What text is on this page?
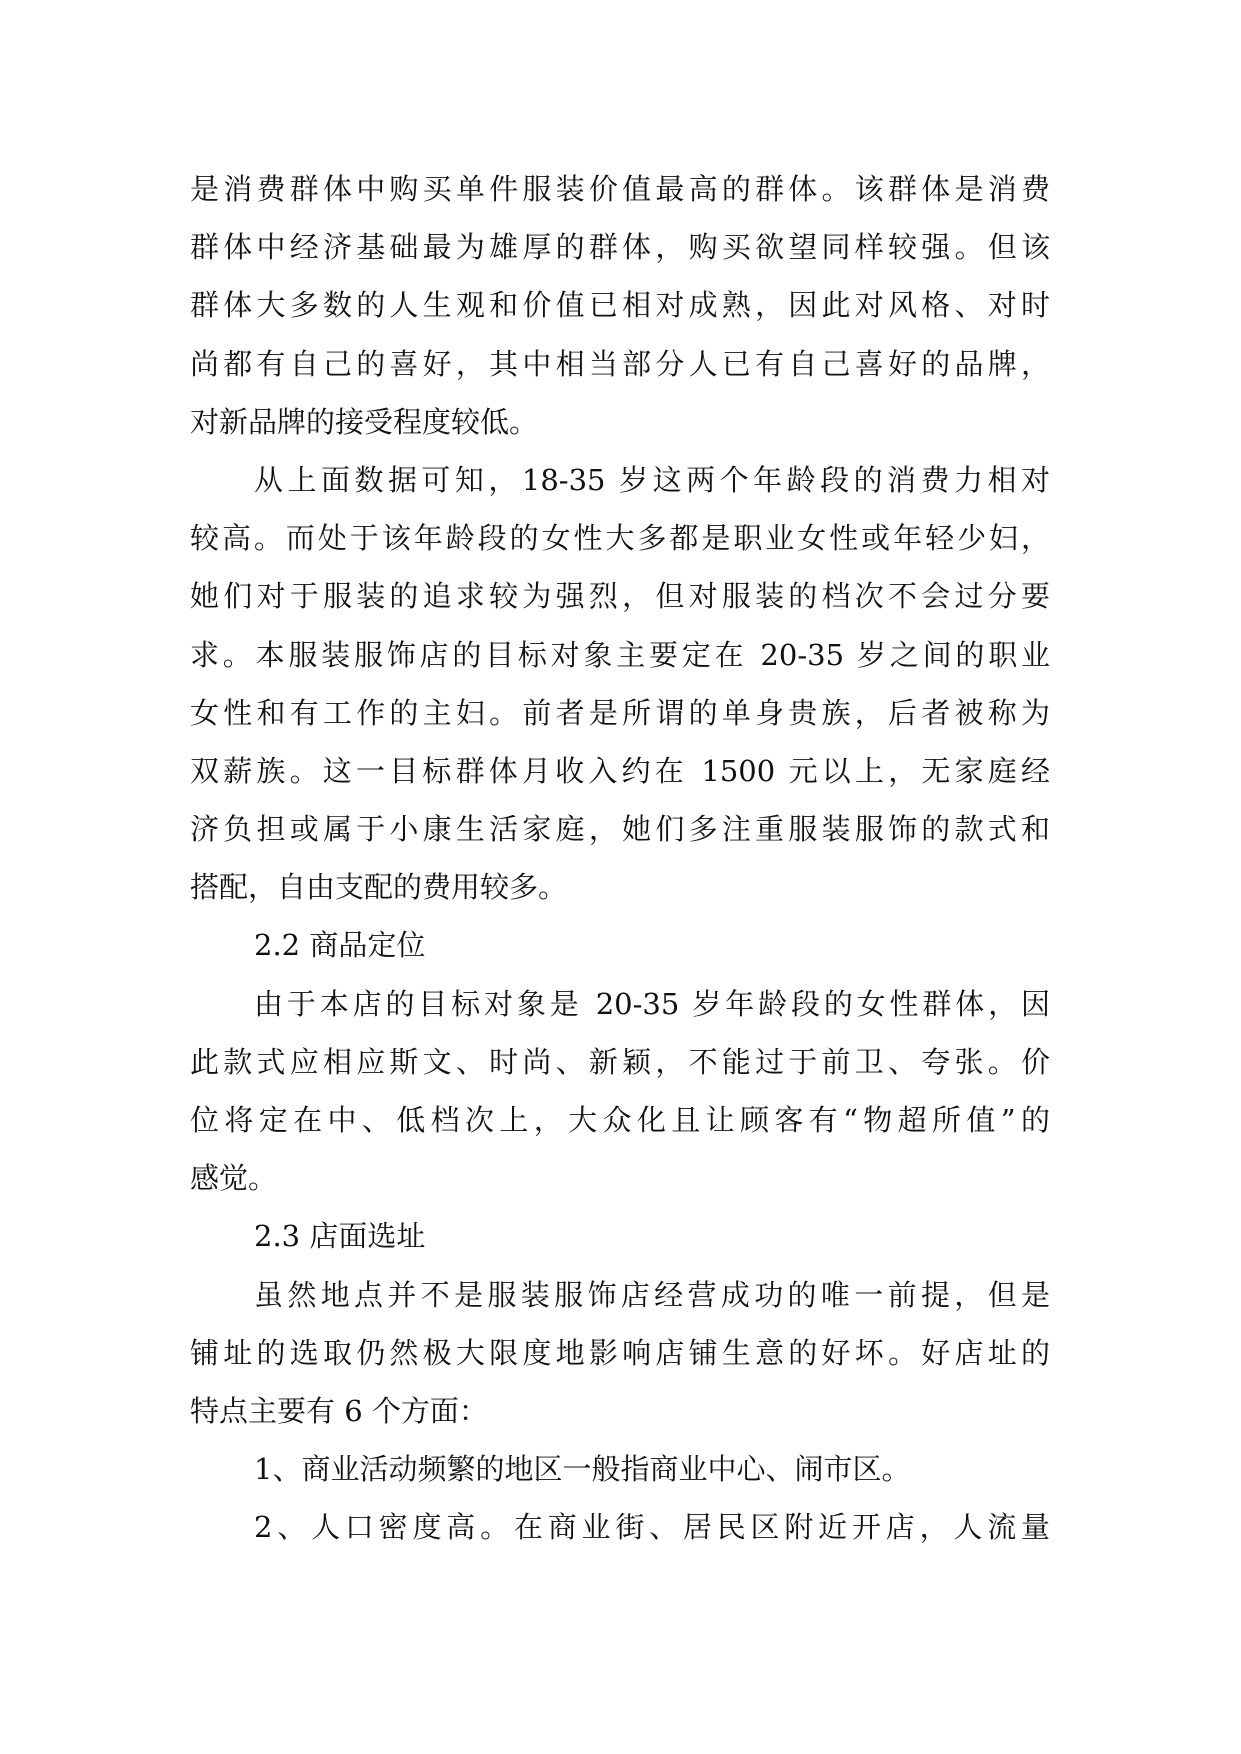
是消费群体中购买单件服装价值最高的群体。该群体是消费
群体中经济基础最为雄厚的群体，购买欲望同样较强。但该
群体大多数的人生观和价值已相对成熟，因此对风格、对时
尚都有自己的喜好，其中相当部分人已有自己喜好的品牌，
对新品牌的接受程度较低。
从上面数据可知，18-35 岁这两个年龄段的消费力相对
较高。而处于该年龄段的女性大多都是职业女性或年轻少妇，
她们对于服装的追求较为强烈，但对服装的档次不会过分要
求。本服装服饰店的目标对象主要定在 20-35 岁之间的职业
女性和有工作的主妇。前者是所谓的单身贵族，后者被称为
双薪族。这一目标群体月收入约在 1500 元以上，无家庭经
济负担或属于小康生活家庭，她们多注重服装服饰的款式和
搭配，自由支配的费用较多。
2.2 商品定位
由于本店的目标对象是 20-35 岁年龄段的女性群体，因
此款式应相应斯文、时尚、新颖，不能过于前卫、夸张。价
位将定在中、低档次上，大众化且让顾客有“物超所值”的
感觉。
2.3 店面选址
虽然地点并不是服装服饰店经营成功的唯一前提，但是
铺址的选取仍然极大限度地影响店铺生意的好坏。好店址的
特点主要有 6 个方面：
1、商业活动频繁的地区一般指商业中心、闹市区。
2、人口密度高。在商业街、居民区附近开店，人流量
